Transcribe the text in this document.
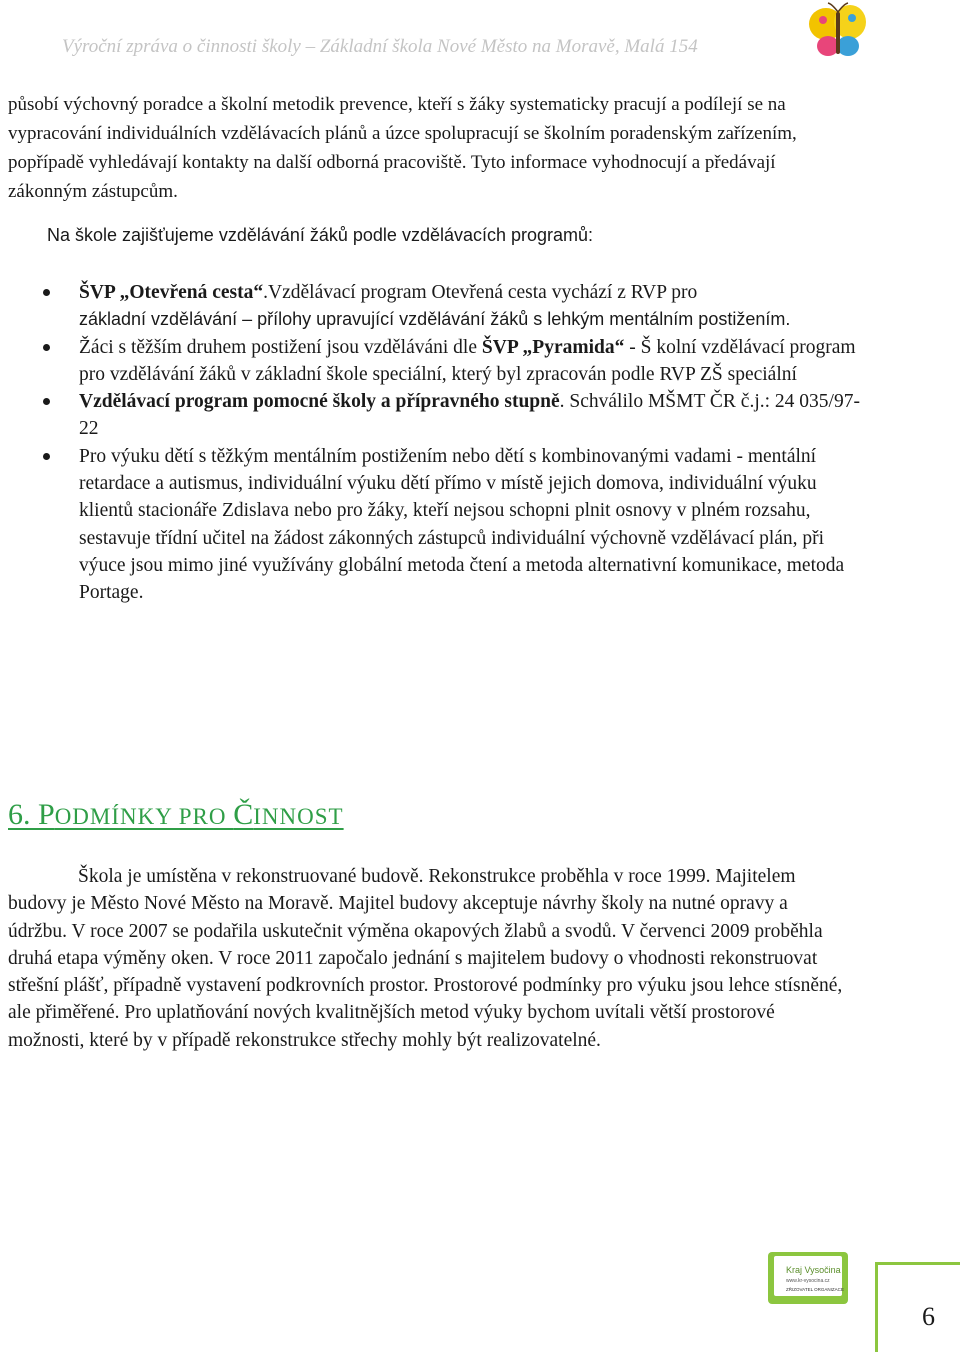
Výroční zpráva o činnosti školy – Základní škola Nové Město na Moravě, Malá 154
působí výchovný poradce a školní metodik prevence, kteří s žáky systematicky pracují a podílejí se na vypracování individuálních vzdělávacích plánů a úzce spolupracují se školním poradenským zařízením, popřípadě vyhledávají kontakty na další odborná pracoviště. Tyto informace vyhodnocují a předávají zákonným zástupcům.
Na škole zajišťujeme vzdělávání žáků podle vzdělávacích programů:
ŠVP „Otevřená cesta“.Vzdělávací program Otevřená cesta vychází z RVP pro
základní vzdělávání – přílohy upravující vzdělávání žáků s lehkým mentálním postižením.
Žáci s těžším druhem postižení jsou vzděláváni dle ŠVP „Pyramida“ - Š kolní vzdělávací program pro vzdělávání žáků v základní škole speciální, který byl zpracován podle RVP ZŠ speciální
Vzdělávací program pomocné školy a přípravného stupně. Schválilo MŠMT ČR č.j.: 24 035/97-22
Pro výuku dětí s těžkým mentálním postižením nebo dětí s kombinovanými vadami - mentální retardace a autismus, individuální výuku dětí přímo v místě jejich domova, individuální výuku klientů stacionáře Zdislava nebo pro žáky, kteří nejsou schopni plnit osnovy v plném rozsahu, sestavuje třídní učitel na žádost zákonných zástupců individuální výchovně vzdělávací plán, při výuce jsou mimo jiné využívány globální metoda čtení a metoda alternativní komunikace, metoda Portage.
6. PODMÍNKY PRO ČINNOST
Škola je umístěna v rekonstruované budově. Rekonstrukce proběhla v roce 1999. Majitelem budovy je Město Nové Město na Moravě. Majitel budovy akceptuje návrhy školy na nutné opravy a údržbu. V roce 2007 se podařila uskutečnit výměna okapových žlabů a svodů. V červenci 2009 proběhla druhá etapa výměny oken. V roce 2011 započalo jednání s majitelem budovy o vhodnosti rekonstruovat střešní plášť, případně vystavení podkrovních prostor. Prostorové podmínky pro výuku jsou lehce stísněné, ale přiměřené. Pro uplatňování nových kvalitnějších metod výuky bychom uvítali větší prostorové možnosti, které by v případě rekonstrukce střechy mohly být realizovatelné.
Kraj Vysočina
www.kr-vysocina.cz
ZŘIZOVATEL ORGANIZACE
6
